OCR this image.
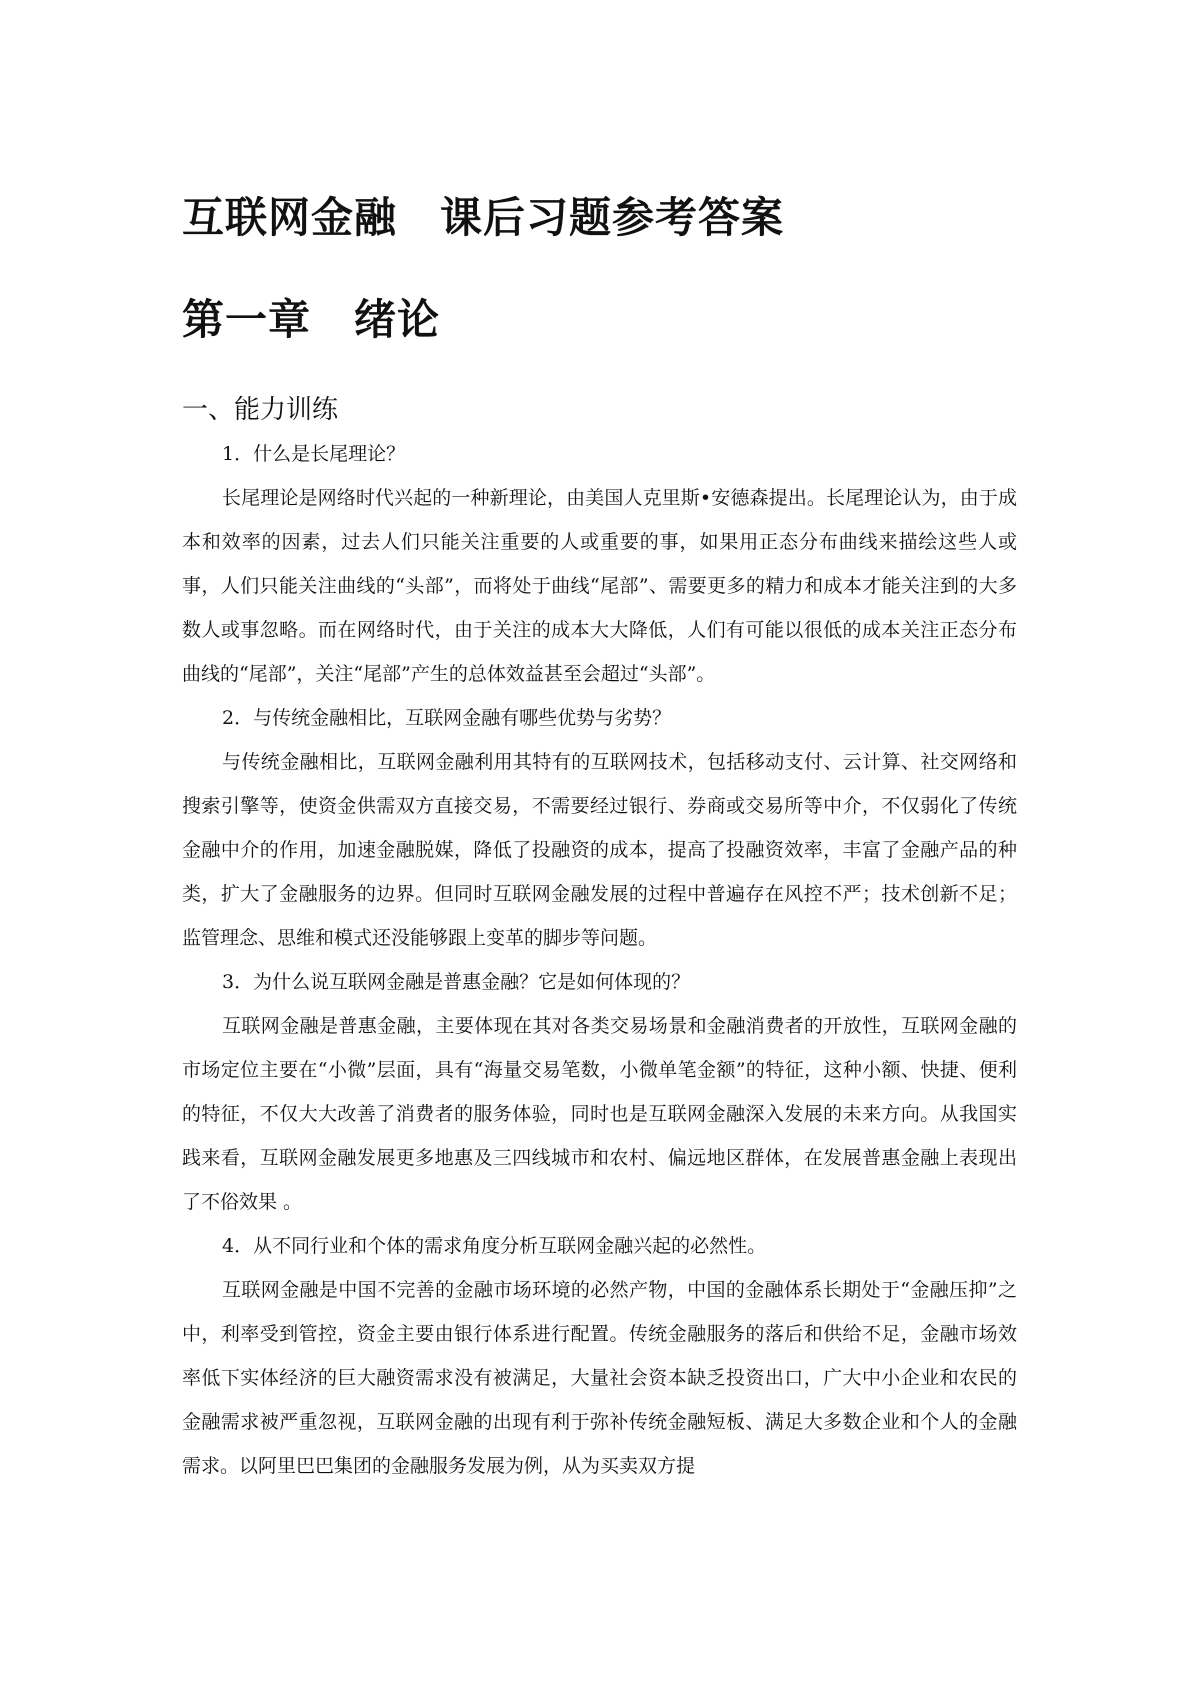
互联网金融　课后习题参考答案
第一章　绪论
一、能力训练

1．什么是长尾理论？

长尾理论是网络时代兴起的一种新理论，由美国人克里斯•安德森提出。长尾理论认为，由于成本和效率的因素，过去人们只能关注重要的人或重要的事，如果用正态分布曲线来描绘这些人或事，人们只能关注曲线的“头部”，而将处于曲线“尾部”、需要更多的精力和成本才能关注到的大多数人或事忽略。而在网络时代，由于关注的成本大大降低，人们有可能以很低的成本关注正态分布曲线的“尾部”，关注“尾部”产生的总体效益甚至会超过“头部”。

2．与传统金融相比，互联网金融有哪些优势与劣势？

与传统金融相比，互联网金融利用其特有的互联网技术，包括移动支付、云计算、社交网络和搜索引擎等，使资金供需双方直接交易，不需要经过银行、券商或交易所等中介，不仅弱化了传统金融中介的作用，加速金融脱媒，降低了投融资的成本，提高了投融资效率，丰富了金融产品的种类，扩大了金融服务的边界。但同时互联网金融发展的过程中普遍存在风控不严；技术创新不足；监管理念、思维和模式还没能够跟上变革的脚步等问题。

3．为什么说互联网金融是普惠金融？它是如何体现的？

互联网金融是普惠金融，主要体现在其对各类交易场景和金融消费者的开放性，互联网金融的市场定位主要在“小微”层面，具有“海量交易笔数，小微单笔金额”的特征，这种小额、快捷、便利的特征，不仅大大改善了消费者的服务体验，同时也是互联网金融深入发展的未来方向。从我国实践来看，互联网金融发展更多地惠及三四线城市和农村、偏远地区群体，在发展普惠金融上表现出了不俗效果 。

4．从不同行业和个体的需求角度分析互联网金融兴起的必然性。

互联网金融是中国不完善的金融市场环境的必然产物，中国的金融体系长期处于“金融压抑”之中，利率受到管控，资金主要由银行体系进行配置。传统金融服务的落后和供给不足，金融市场效率低下实体经济的巨大融资需求没有被满足，大量社会资本缺乏投资出口，广大中小企业和农民的金融需求被严重忽视，互联网金融的出现有利于弥补传统金融短板、满足大多数企业和个人的金融需求。以阿里巴巴集团的金融服务发展为例，从为买卖双方提
